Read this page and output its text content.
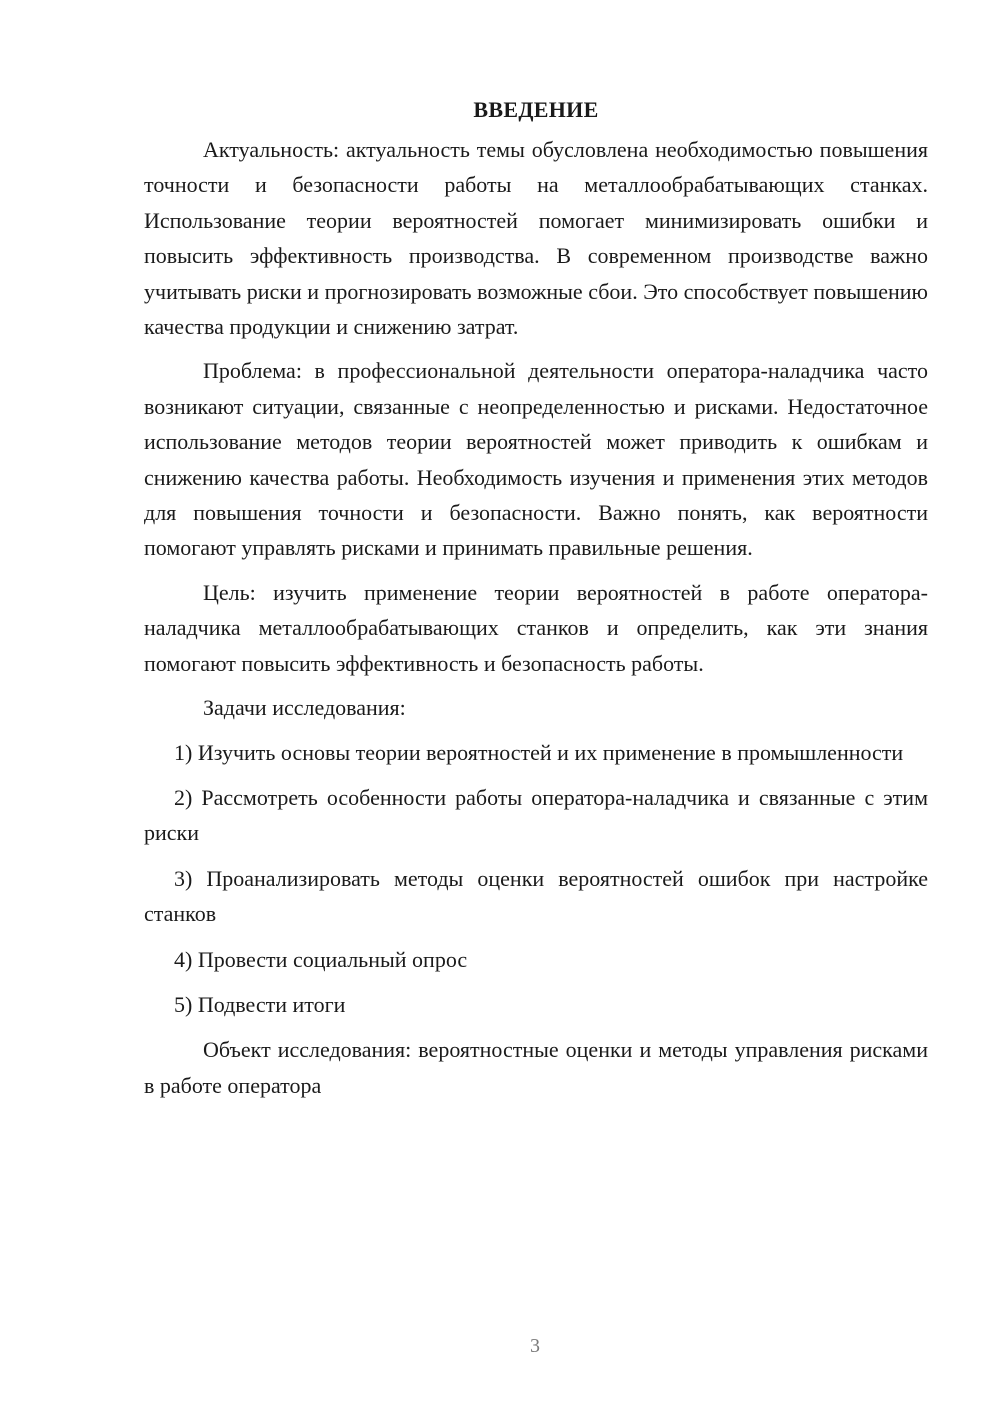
ВВЕДЕНИЕ

Актуальность: актуальность темы обусловлена необходимостью повышения точности и безопасности работы на металлообрабатывающих станках. Использование теории вероятностей помогает минимизировать ошибки и повысить эффективность производства. В современном производстве важно учитывать риски и прогнозировать возможные сбои. Это способствует повышению качества продукции и снижению затрат.

Проблема: в профессиональной деятельности оператора-наладчика часто возникают ситуации, связанные с неопределенностью и рисками. Недостаточное использование методов теории вероятностей может приводить к ошибкам и снижению качества работы. Необходимость изучения и применения этих методов для повышения точности и безопасности. Важно понять, как вероятности помогают управлять рисками и принимать правильные решения.

Цель: изучить применение теории вероятностей в работе оператора-наладчика металлообрабатывающих станков и определить, как эти знания помогают повысить эффективность и безопасность работы.

Задачи исследования:

1) Изучить основы теории вероятностей и их применение в промышленности

2) Рассмотреть особенности работы оператора-наладчика и связанные с этим риски

3) Проанализировать методы оценки вероятностей ошибок при настройке станков

4) Провести социальный опрос

5) Подвести итоги

Объект исследования: вероятностные оценки и методы управления рисками в работе оператора

3
